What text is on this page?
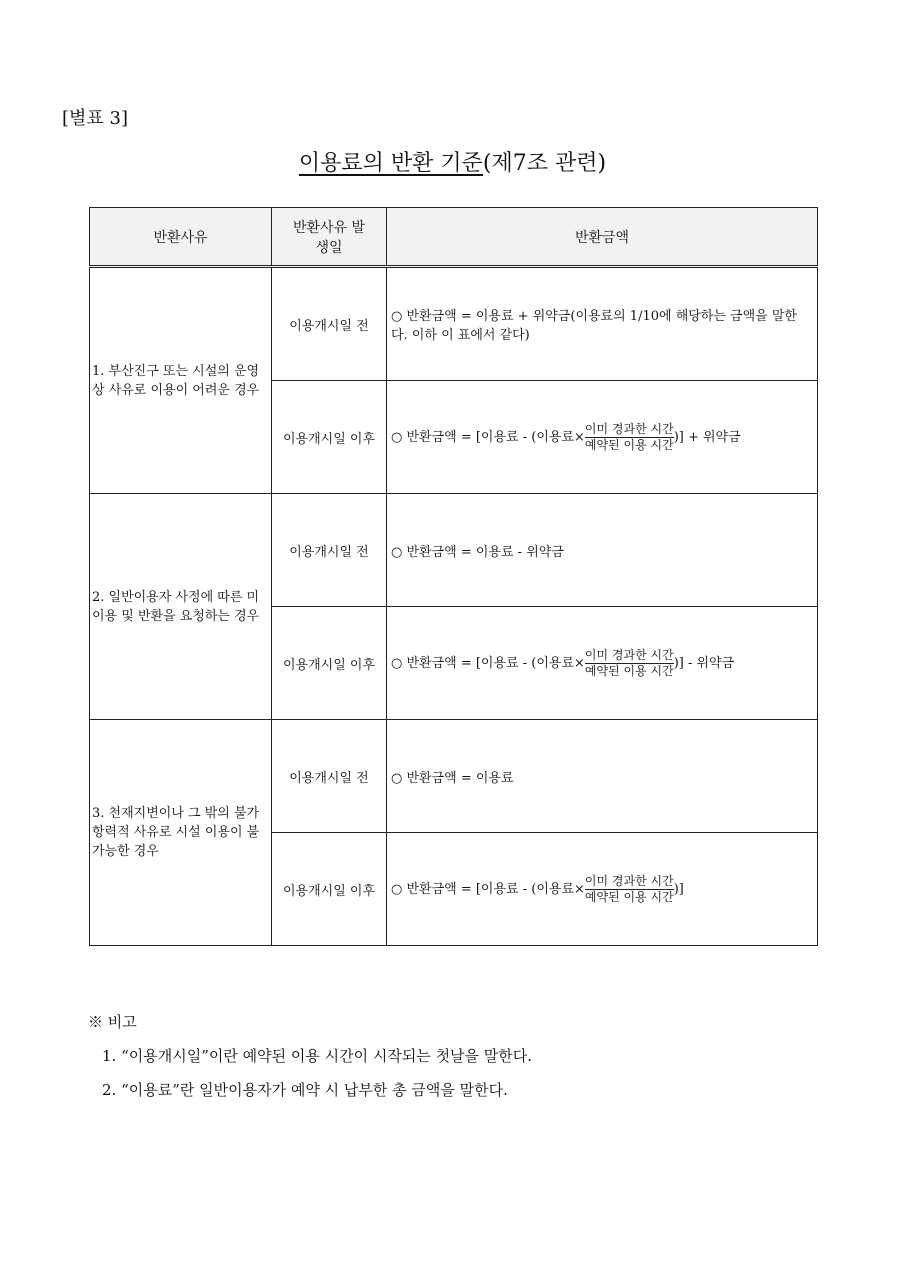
[별표 3]
이용료의 반환 기준(제7조 관련)
반환사유	반환사유 발생일	반환금액
1. 부산진구 또는 시설의 운영상 사유로 이용이 어려운 경우	이용개시일 전	○ 반환금액 = 이용료 + 위약금(이용료의 1/10에 해당하는 금액을 말한다. 이하 이 표에서 같다)
	이용개시일 이후	○ 반환금액 = [이용료 - (이용료× $\frac{\text{이미 경과한 시간}}{\text{예약된 이용 시간}}$ )] + 위약금
2. 일반이용자 사정에 따른 미이용 및 반환을 요청하는 경우	이용개시일 전	○ 반환금액 = 이용료 - 위약금
	이용개시일 이후	○ 반환금액 = [이용료 - (이용료× $\frac{\text{이미 경과한 시간}}{\text{예약된 이용 시간}}$ )] - 위약금
3. 천재지변이나 그 밖의 불가항력적 사유로 시설 이용이 불가능한 경우	이용개시일 전	○ 반환금액 = 이용료
	이용개시일 이후	○ 반환금액 = [이용료 - (이용료× $\frac{\text{이미 경과한 시간}}{\text{예약된 이용 시간}}$ )]
※ 비고
1. “이용개시일”이란 예약된 이용 시간이 시작되는 첫날을 말한다.
2. “이용료”란 일반이용자가 예약 시 납부한 총 금액을 말한다.
